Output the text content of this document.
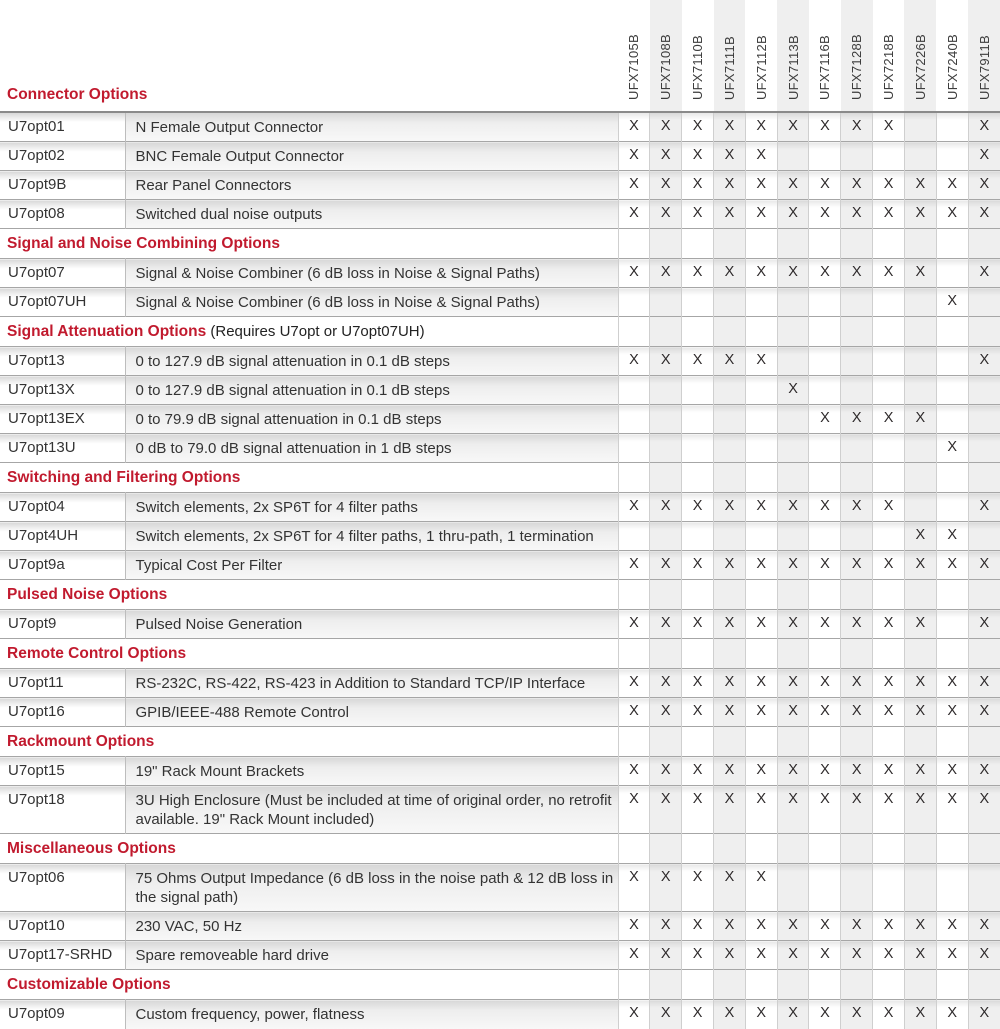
Connector Options		UFX7105B	UFX7108B	UFX7110B	UFX7111B	UFX7112B	UFX7113B	UFX7116B	UFX7128B	UFX7218B	UFX7226B	UFX7240B	UFX7911B
U7opt01	N Female Output Connector	X	X	X	X	X	X	X	X	X			X
U7opt02	BNC Female Output Connector	X	X	X	X	X							X
U7opt9B	Rear Panel Connectors	X	X	X	X	X	X	X	X	X	X	X	X
U7opt08	Switched dual noise outputs	X	X	X	X	X	X	X	X	X	X	X	X
Signal and Noise Combining Options													
U7opt07	Signal & Noise Combiner (6 dB loss in Noise & Signal Paths)	X	X	X	X	X	X	X	X	X	X		X
U7opt07UH	Signal & Noise Combiner (6 dB loss in Noise & Signal Paths)											X	
Signal Attenuation Options (Requires U7opt or U7opt07UH)													
U7opt13	0 to 127.9 dB signal attenuation in 0.1 dB steps	X	X	X	X	X							X
U7opt13X	0 to 127.9 dB signal attenuation in 0.1 dB steps						X						
U7opt13EX	0 to 79.9 dB signal attenuation in 0.1 dB steps							X	X	X	X		
U7opt13U	0 dB to 79.0 dB signal attenuation in 1 dB steps											X	
Switching and Filtering Options													
U7opt04	Switch elements, 2x SP6T for 4 filter paths	X	X	X	X	X	X	X	X	X			X
U7opt4UH	Switch elements, 2x SP6T for 4 filter paths, 1 thru-path, 1 termination										X	X	
U7opt9a	Typical Cost Per Filter	X	X	X	X	X	X	X	X	X	X	X	X
Pulsed Noise Options													
U7opt9	Pulsed Noise Generation	X	X	X	X	X	X	X	X	X	X		X
Remote Control Options													
U7opt11	RS-232C, RS-422, RS-423 in Addition to Standard TCP/IP Interface	X	X	X	X	X	X	X	X	X	X	X	X
U7opt16	GPIB/IEEE-488 Remote Control	X	X	X	X	X	X	X	X	X	X	X	X
Rackmount Options													
U7opt15	19" Rack Mount Brackets	X	X	X	X	X	X	X	X	X	X	X	X
U7opt18	3U High Enclosure (Must be included at time of original order, no retrofit available. 19" Rack Mount included)	X	X	X	X	X	X	X	X	X	X	X	X
Miscellaneous Options													
U7opt06	75 Ohms Output Impedance (6 dB loss in the noise path & 12 dB loss in the signal path)	X	X	X	X	X							
U7opt10	230 VAC, 50 Hz	X	X	X	X	X	X	X	X	X	X	X	X
U7opt17-SRHD	Spare removeable hard drive	X	X	X	X	X	X	X	X	X	X	X	X
Customizable Options													
U7opt09	Custom frequency, power, flatness	X	X	X	X	X	X	X	X	X	X	X	X
